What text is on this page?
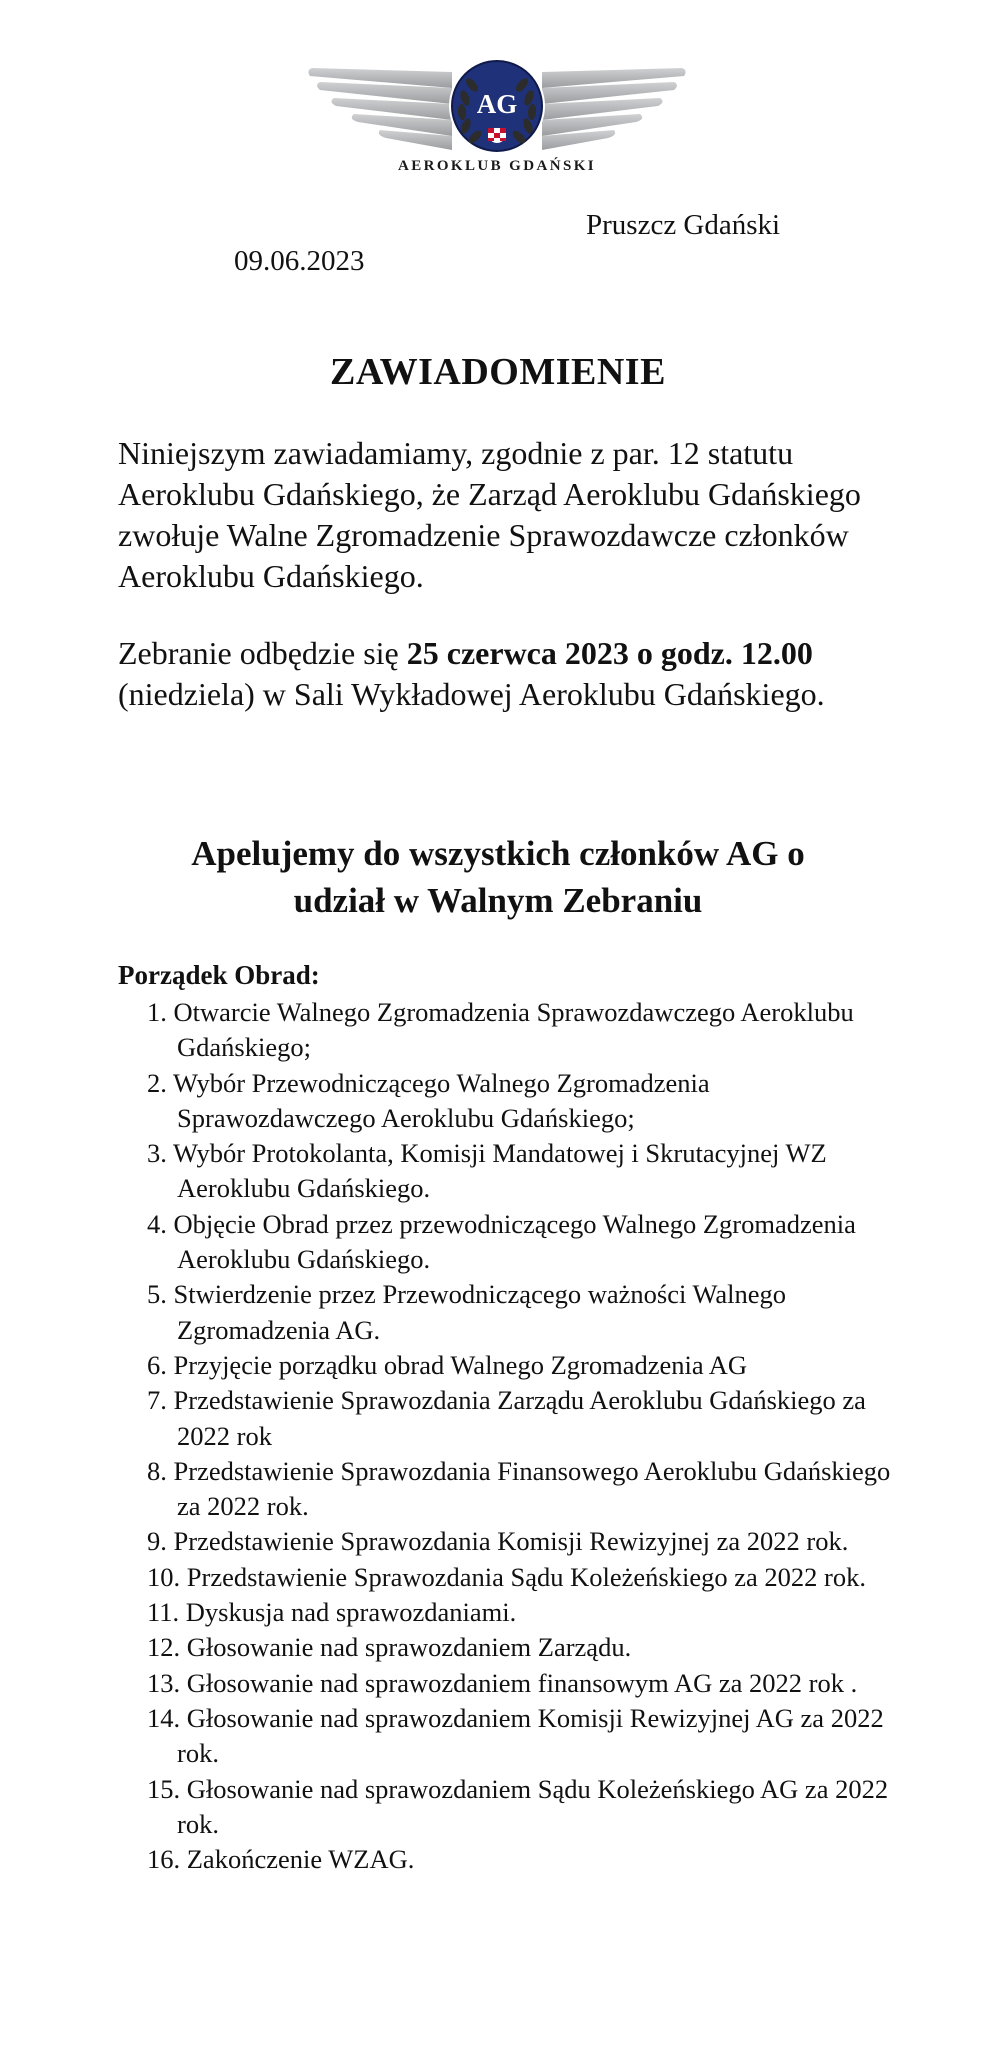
AG
AEROKLUB GDAŃSKI
Pruszcz Gdański
09.06.2023
ZAWIADOMIENIE

Niniejszym zawiadamiamy, zgodnie z par. 12 statutu Aeroklubu Gdańskiego, że Zarząd Aeroklubu Gdańskiego zwołuje Walne Zgromadzenie Sprawozdawcze członków Aeroklubu Gdańskiego.

Zebranie odbędzie się 25 czerwca 2023 o godz. 12.00 (niedziela) w Sali Wykładowej Aeroklubu Gdańskiego.

Apelujemy do wszystkich członków AG o
udział w Walnym Zebraniu
Porządek Obrad:
1. Otwarcie Walnego Zgromadzenia Sprawozdawczego Aeroklubu Gdańskiego;
2. Wybór Przewodniczącego Walnego Zgromadzenia Sprawozdawczego Aeroklubu Gdańskiego;
3. Wybór Protokolanta, Komisji Mandatowej i Skrutacyjnej WZ Aeroklubu Gdańskiego.
4. Objęcie Obrad przez przewodniczącego Walnego Zgromadzenia Aeroklubu Gdańskiego.
5. Stwierdzenie przez Przewodniczącego ważności Walnego Zgromadzenia AG.
6. Przyjęcie porządku obrad Walnego Zgromadzenia AG
7. Przedstawienie Sprawozdania Zarządu Aeroklubu Gdańskiego za 2022 rok
8. Przedstawienie Sprawozdania Finansowego Aeroklubu Gdańskiego za 2022 rok.
9. Przedstawienie Sprawozdania Komisji Rewizyjnej za 2022 rok.
10. Przedstawienie Sprawozdania Sądu Koleżeńskiego za 2022 rok.
11. Dyskusja nad sprawozdaniami.
12. Głosowanie nad sprawozdaniem Zarządu.
13. Głosowanie nad sprawozdaniem finansowym AG za 2022 rok .
14. Głosowanie nad sprawozdaniem Komisji Rewizyjnej AG za 2022 rok.
15. Głosowanie nad sprawozdaniem Sądu Koleżeńskiego AG za 2022 rok.
16. Zakończenie WZAG.
